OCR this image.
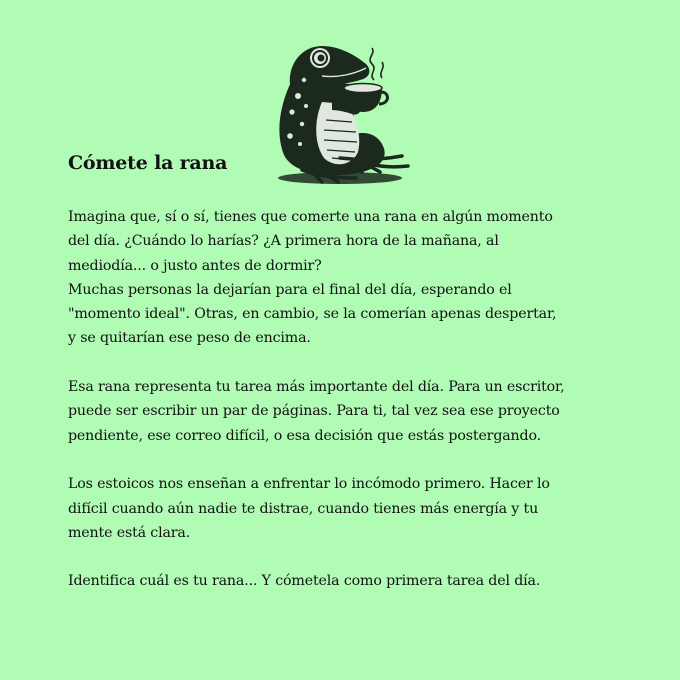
Cómete la rana

Imagina que, sí o sí, tienes que comerte una rana en algún momento
del día. ¿Cuándo lo harías? ¿A primera hora de la mañana, al
mediodía... o justo antes de dormir?
Muchas personas la dejarían para el final del día, esperando el
"momento ideal". Otras, en cambio, se la comerían apenas despertar,
y se quitarían ese peso de encima.

Esa rana representa tu tarea más importante del día. Para un escritor,
puede ser escribir un par de páginas. Para ti, tal vez sea ese proyecto
pendiente, ese correo difícil, o esa decisión que estás postergando.

Los estoicos nos enseñan a enfrentar lo incómodo primero. Hacer lo
difícil cuando aún nadie te distrae, cuando tienes más energía y tu
mente está clara.

Identifica cuál es tu rana... Y cómetela como primera tarea del día.
